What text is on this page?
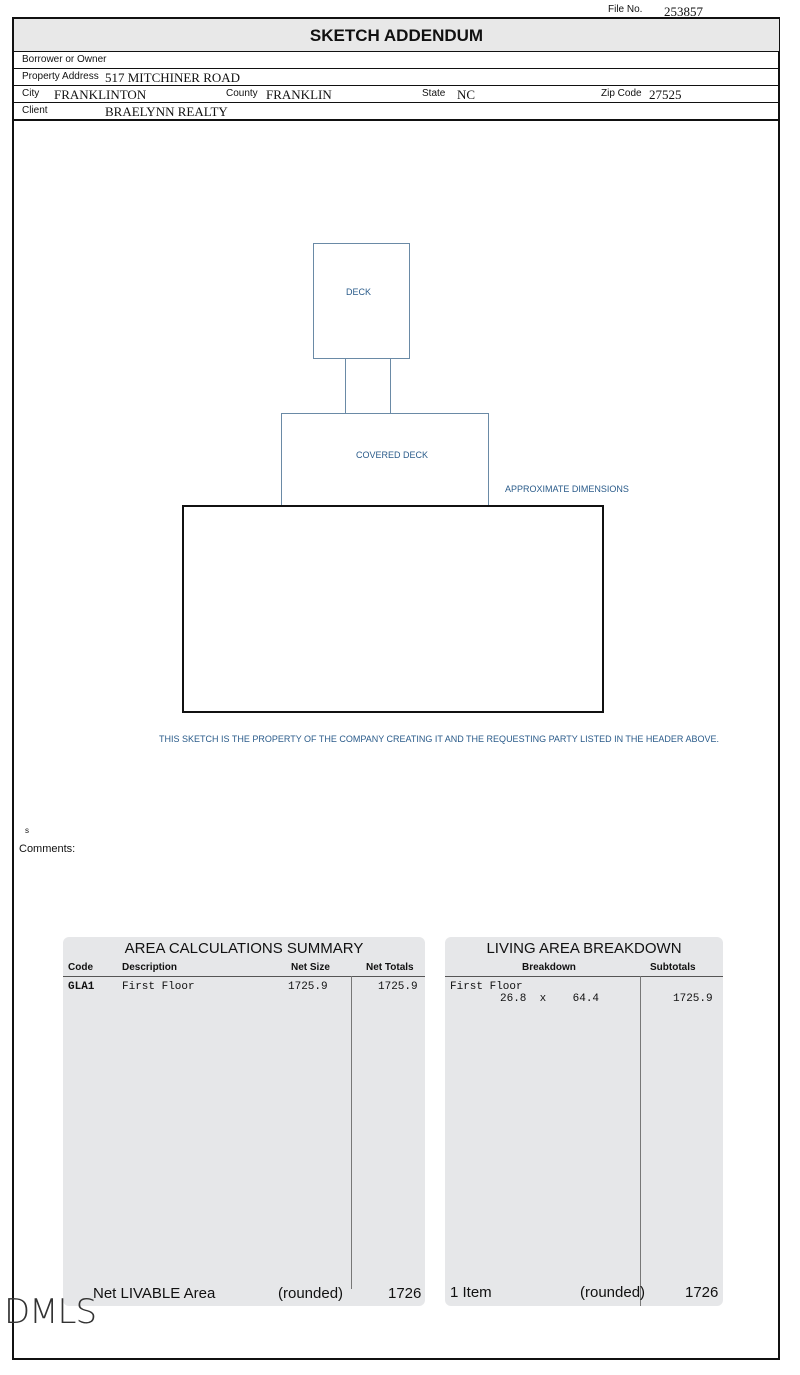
File No. 253857
SKETCH ADDENDUM
Borrower or Owner
Property Address 517 MITCHINER ROAD
City FRANKLINTON	County FRANKLIN	State NC	Zip Code 27525
Client	BRAELYNN REALTY
DECK
COVERED DECK
APPROXIMATE DIMENSIONS
THIS SKETCH IS THE PROPERTY OF THE COMPANY CREATING IT AND THE REQUESTING PARTY LISTED IN THE HEADER ABOVE.
s
Comments:
AREA CALCULATIONS SUMMARY
Code	Description	Net Size	Net Totals
GLA1	First Floor	1725.9	1725.9
Net LIVABLE Area	(rounded)	1726
LIVING AREA BREAKDOWN
Breakdown	Subtotals
First Floor
26.8  x    64.4	1725.9
1 Item	(rounded)	1726
DMLS
